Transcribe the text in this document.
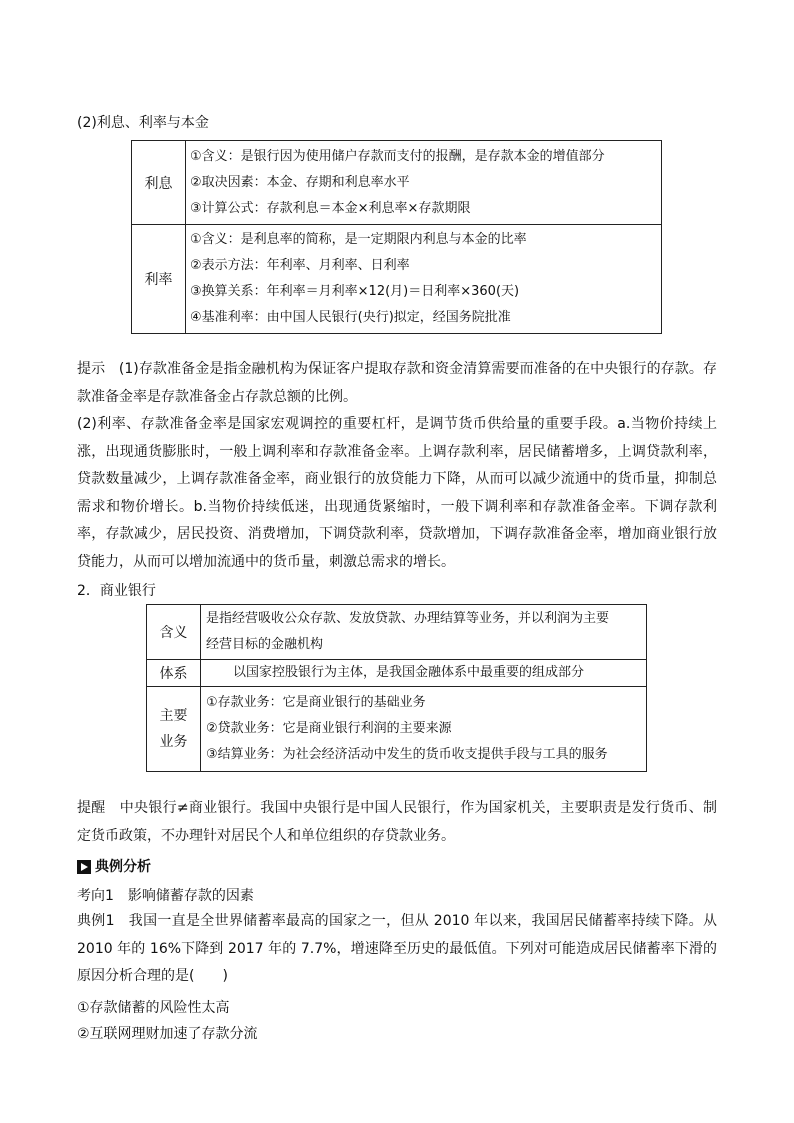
(2)利息、利率与本金
利息	①含义：是银行因为使用储户存款而支付的报酬，是存款本金的增值部分
②取决因素：本金、存期和利息率水平
③计算公式：存款利息＝本金×利息率×存款期限

利率	①含义：是利息率的简称，是一定期限内利息与本金的比率
②表示方法：年利率、月利率、日利率
③换算关系：年利率＝月利率×12(月)＝日利率×360(天)
④基准利率：由中国人民银行(央行)拟定，经国务院批准
提示 (1)存款准备金是指金融机构为保证客户提取存款和资金清算需要而准备的在中央银行的存款。存款准备金率是存款准备金占存款总额的比例。
(2)利率、存款准备金率是国家宏观调控的重要杠杆，是调节货币供给量的重要手段。a.当物价持续上涨，出现通货膨胀时，一般上调利率和存款准备金率。上调存款利率，居民储蓄增多，上调贷款利率，贷款数量减少，上调存款准备金率，商业银行的放贷能力下降，从而可以减少流通中的货币量，抑制总需求和物价增长。b.当物价持续低迷，出现通货紧缩时，一般下调利率和存款准备金率。下调存款利率，存款减少，居民投资、消费增加，下调贷款利率，贷款增加，下调存款准备金率，增加商业银行放贷能力，从而可以增加流通中的货币量，刺激总需求的增长。
2．商业银行
含义	是指经营吸收公众存款、发放贷款、办理结算等业务，并以利润为主要
经营目标的金融机构

体系	以国家控股银行为主体，是我国金融体系中最重要的组成部分

主要业务	①存款业务：它是商业银行的基础业务
②贷款业务：它是商业银行利润的主要来源
③结算业务：为社会经济活动中发生的货币收支提供手段与工具的服务
提醒 中央银行≠商业银行。我国中央银行是中国人民银行，作为国家机关，主要职责是发行货币、制定货币政策，不办理针对居民个人和单位组织的存贷款业务。
典例分析
考向1　影响储蓄存款的因素
典例1 我国一直是全世界储蓄率最高的国家之一，但从 2010 年以来，我国居民储蓄率持续下降。从 2010 年的 16%下降到 2017 年的 7.7%，增速降至历史的最低值。下列对可能造成居民储蓄率下滑的原因分析合理的是(　　)
①存款储蓄的风险性太高
②互联网理财加速了存款分流
